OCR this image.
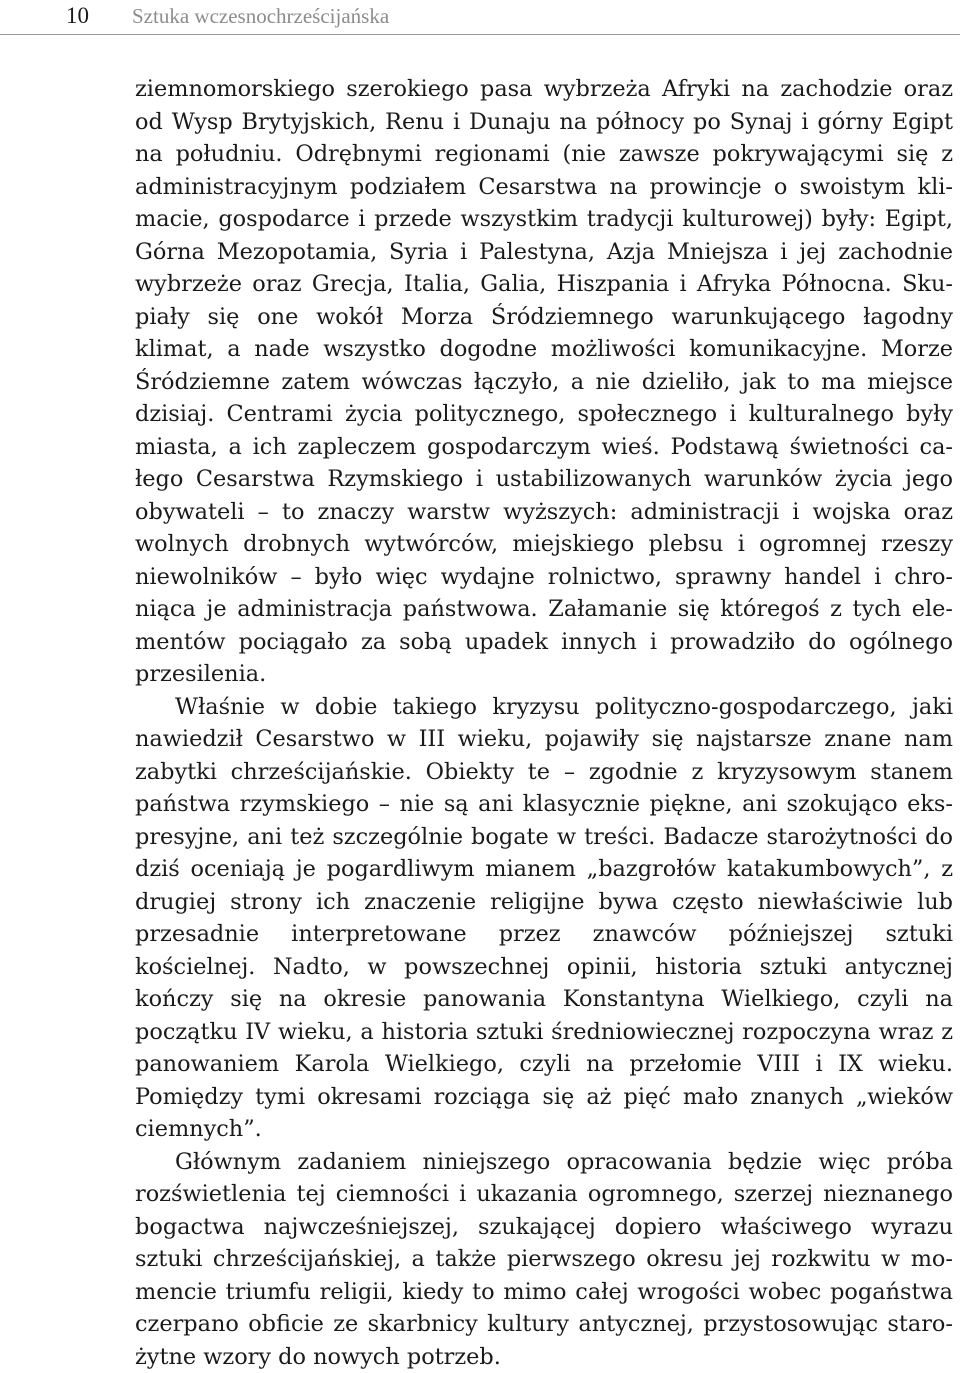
10 Sztuka wczesnochrześcijańska

ziemnomorskiego szerokiego pasa wybrzeża Afryki na zachodzie oraz od Wysp Brytyjskich, Renu i Dunaju na północy po Synaj i górny Egipt na południu. Odrębnymi regionami (nie zawsze pokrywającymi się z administracyjnym podziałem Cesarstwa na prowincje o swoistym klimacie, gospodarce i przede wszystkim tradycji kulturowej) były: Egipt, Górna Mezopotamia, Syria i Palestyna, Azja Mniejsza i jej zachodnie wybrzeże oraz Grecja, Italia, Galia, Hiszpania i Afryka Północna. Skupiały się one wokół Morza Śródziemnego warunkującego łagodny klimat, a nade wszystko dogodne możliwości komunikacyjne. Morze Śródziemne zatem wówczas łączyło, a nie dzieliło, jak to ma miejsce dzisiaj. Centrami życia politycznego, społecznego i kulturalnego były miasta, a ich zapleczem gospodarczym wieś. Podstawą świetności całego Cesarstwa Rzymskiego i ustabilizowanych warunków życia jego obywateli – to znaczy warstw wyższych: administracji i wojska oraz wolnych drobnych wytwórców, miejskiego plebsu i ogromnej rzeszy niewolników – było więc wydajne rolnictwo, sprawny handel i chroniąca je administracja państwowa. Załamanie się któregoś z tych elementów pociągało za sobą upadek innych i prowadziło do ogólnego przesilenia.

Właśnie w dobie takiego kryzysu polityczno-gospodarczego, jaki nawiedził Cesarstwo w III wieku, pojawiły się najstarsze znane nam zabytki chrześcijańskie. Obiekty te – zgodnie z kryzysowym stanem państwa rzymskiego – nie są ani klasycznie piękne, ani szokująco ekspresyjne, ani też szczególnie bogate w treści. Badacze starożytności do dziś oceniają je pogardliwym mianem „bazgrołów katakumbowych”, z drugiej strony ich znaczenie religijne bywa często niewłaściwie lub przesadnie interpretowane przez znawców późniejszej sztuki kościelnej. Nadto, w powszechnej opinii, historia sztuki antycznej kończy się na okresie panowania Konstantyna Wielkiego, czyli na początku IV wieku, a historia sztuki średniowiecznej rozpoczyna wraz z panowaniem Karola Wielkiego, czyli na przełomie VIII i IX wieku. Pomiędzy tymi okresami rozciąga się aż pięć mało znanych „wieków ciemnych”.

Głównym zadaniem niniejszego opracowania będzie więc próba rozświetlenia tej ciemności i ukazania ogromnego, szerzej nieznanego bogactwa najwcześniejszej, szukającej dopiero właściwego wyrazu sztuki chrześcijańskiej, a także pierwszego okresu jej rozkwitu w momencie triumfu religii, kiedy to mimo całej wrogości wobec pogaństwa czerpano obficie ze skarbnicy kultury antycznej, przystosowując starożytne wzory do nowych potrzeb.
